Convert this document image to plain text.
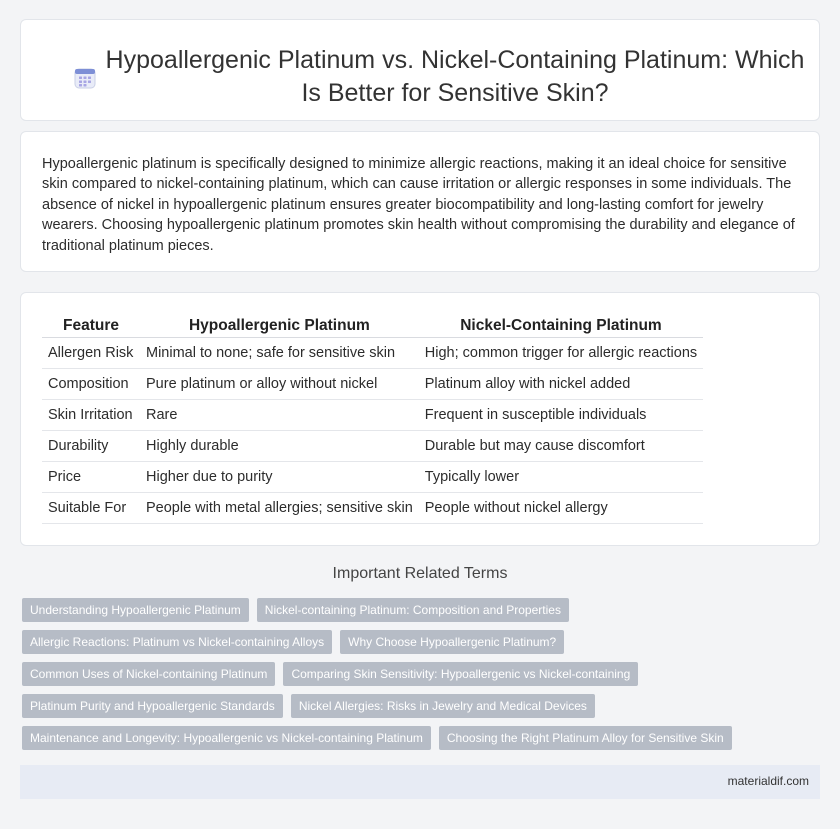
Hypoallergenic Platinum vs. Nickel-Containing Platinum: Which Is Better for Sensitive Skin?

Hypoallergenic platinum is specifically designed to minimize allergic reactions, making it an ideal choice for sensitive skin compared to nickel-containing platinum, which can cause irritation or allergic responses in some individuals. The absence of nickel in hypoallergenic platinum ensures greater biocompatibility and long-lasting comfort for jewelry wearers. Choosing hypoallergenic platinum promotes skin health without compromising the durability and elegance of traditional platinum pieces.

Feature	Hypoallergenic Platinum	Nickel-Containing Platinum
Allergen Risk	Minimal to none; safe for sensitive skin	High; common trigger for allergic reactions
Composition	Pure platinum or alloy without nickel	Platinum alloy with nickel added
Skin Irritation	Rare	Frequent in susceptible individuals
Durability	Highly durable	Durable but may cause discomfort
Price	Higher due to purity	Typically lower
Suitable For	People with metal allergies; sensitive skin	People without nickel allergy
Important Related Terms
Understanding Hypoallergenic Platinum	Nickel-containing Platinum: Composition and Properties
Allergic Reactions: Platinum vs Nickel-containing Alloys	Why Choose Hypoallergenic Platinum?
Common Uses of Nickel-containing Platinum	Comparing Skin Sensitivity: Hypoallergenic vs Nickel-containing
Platinum Purity and Hypoallergenic Standards	Nickel Allergies: Risks in Jewelry and Medical Devices
Maintenance and Longevity: Hypoallergenic vs Nickel-containing Platinum	Choosing the Right Platinum Alloy for Sensitive Skin
materialdif.com
